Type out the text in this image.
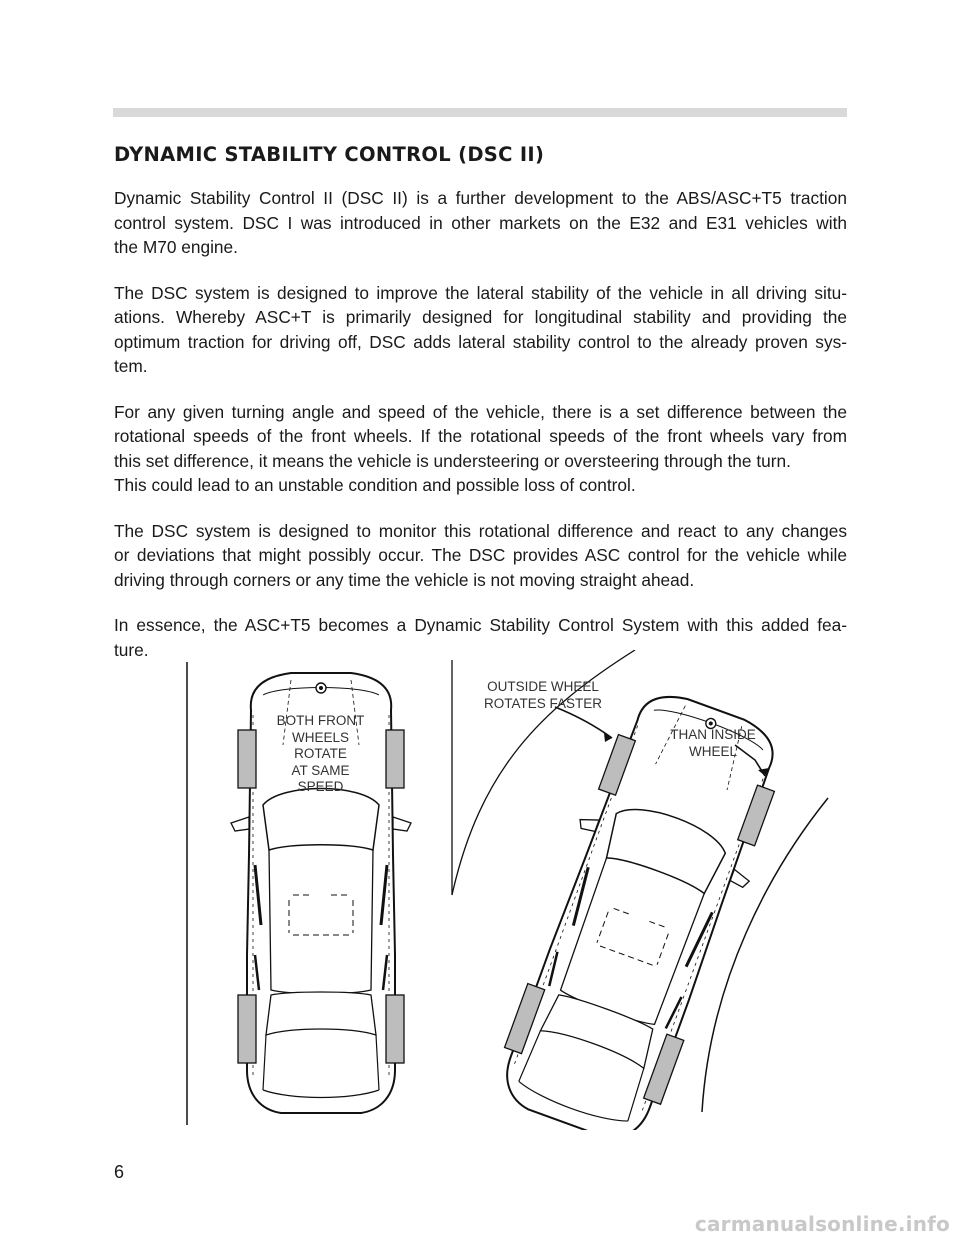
DYNAMIC STABILITY CONTROL (DSC II)

Dynamic Stability Control II (DSC II) is a further development to the ABS/ASC+T5 traction
control system. DSC I was introduced in other markets on the E32 and E31 vehicles with
the M70 engine.

The DSC system is designed to improve the lateral stability of the vehicle in all driving situ-
ations. Whereby ASC+T is primarily designed for longitudinal stability and providing the
optimum traction for driving off, DSC adds lateral stability control to the already proven sys-
tem.

For any given turning angle and speed of the vehicle, there is a set difference between the
rotational speeds of the front wheels. If the rotational speeds of the front wheels vary from
this set difference, it means the vehicle is understeering or oversteering through the turn.
This could lead to an unstable condition and possible loss of control.

The DSC system is designed to monitor this rotational difference and react to any changes
or deviations that might possibly occur. The DSC provides ASC control for the vehicle while
driving through corners or any time the vehicle is not moving straight ahead.

In essence, the ASC+T5 becomes a Dynamic Stability Control System with this added fea-
ture.

BOTH FRONT
WHEELS
ROTATE
AT SAME
SPEED
OUTSIDE WHEEL
ROTATES FASTER
THAN INSIDE
WHEEL
6
carmanualsonline.info
